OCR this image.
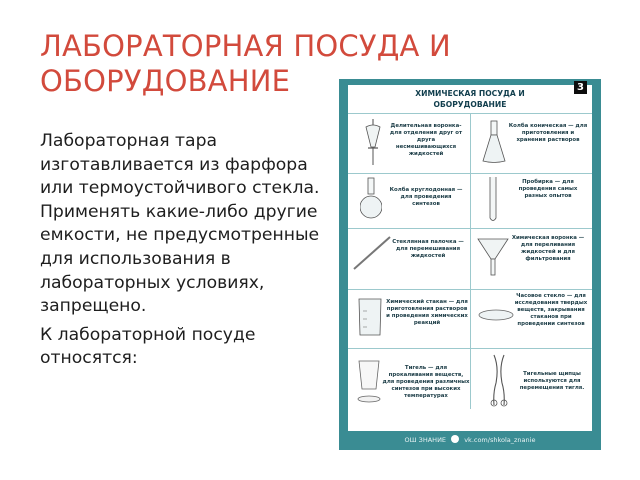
ЛАБОРАТОРНАЯ ПОСУДА И
ОБОРУДОВАНИЕ

Лабораторная тара изготавливается из фарфора или термоустойчивого стекла. Применять какие-либо другие емкости, не предусмотренные для использования в лабораторных условиях, запрещено.

К лабораторной посуде относятся:

ХИМИЧЕСКАЯ ПОСУДА И
ОБОРУДОВАНИЕ
Делительная воронка- для отделения друг от друга несмешивающихся жидкостей
Колба коническая — для приготовления и хранения растворов
Колба круглодонная — для проведения синтезов
Пробирка — для проведения самых разных опытов
Стеклянная палочка — для перемешивания жидкостей
Химическая воронка — для переливания жидкостей и для фильтрования
Химический стакан — для приготовления растворов и проведения химических реакций
Часовое стекло — для исследования твердых веществ, закрывания стаканов при проведении синтезов
Тигель — для прокаливания веществ, для проведения различных синтезов при высоких температурах
Тигельные щипцы используются для перемещения тигля.
3
ОШ ЗНАНИЕ	vk.com/shkola_znanie
